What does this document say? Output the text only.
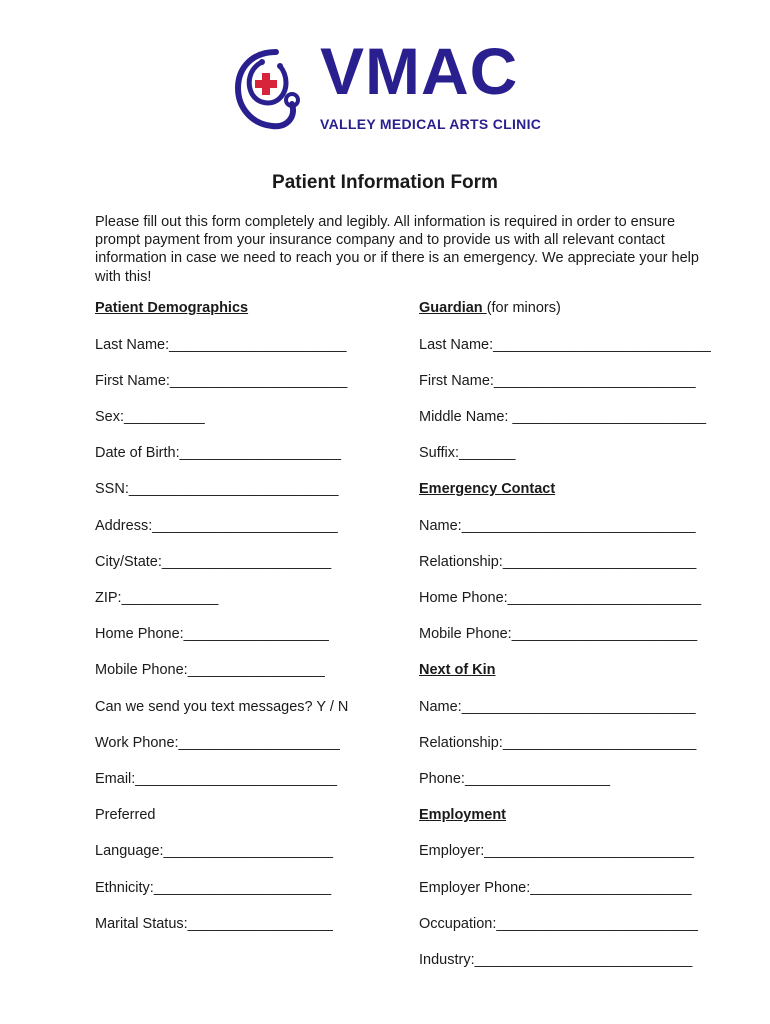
VMAC
VALLEY MEDICAL ARTS CLINIC
Patient Information Form
Please fill out this form completely and legibly. All information is required in order to ensure prompt payment from your insurance company and to provide us with all relevant contact information in case we need to reach you or if there is an emergency. We appreciate your help with this!
Patient Demographics
Last Name:______________________
First Name:______________________
Sex:__________
Date of Birth:____________________
SSN:__________________________
Address:_______________________
City/State:_____________________
ZIP:____________
Home Phone:__________________
Mobile Phone:_________________
Can we send you text messages? Y / N
Work Phone:____________________
Email:_________________________
Preferred
Language:_____________________
Ethnicity:______________________
Marital Status:__________________
Guardian (for minors)
Last Name:___________________________
First Name:_________________________
Middle Name: ________________________
Suffix:_______
Emergency Contact
Name:_____________________________
Relationship:________________________
Home Phone:________________________
Mobile Phone:_______________________
Next of Kin
Name:_____________________________
Relationship:________________________
Phone:__________________
Employment
Employer:__________________________
Employer Phone:____________________
Occupation:_________________________
Industry:___________________________
